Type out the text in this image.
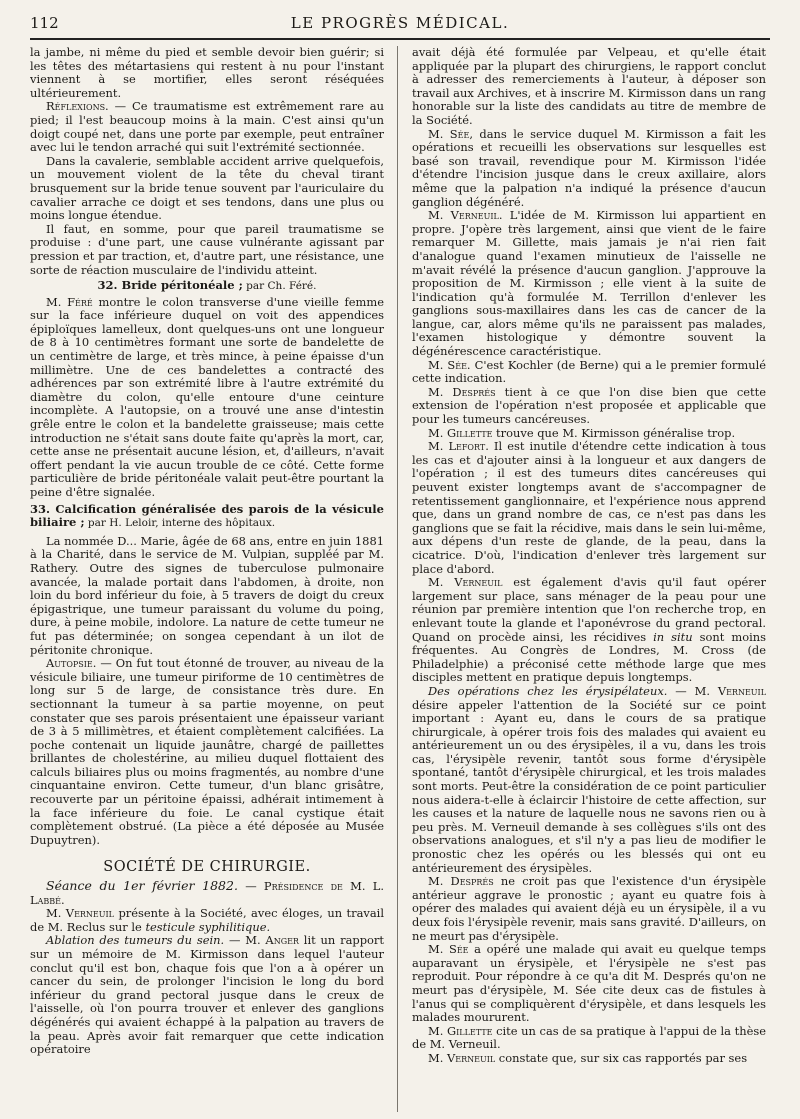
112	LE PROGRÈS MÉDICAL.

la jambe, ni même du pied et semble devoir bien guérir; si les têtes des métartasiens qui restent à nu pour l'instant viennent à se mortifier, elles seront réséquées ultérieurement.

Réflexions. — Ce traumatisme est extrêmement rare au pied; il l'est beaucoup moins à la main. C'est ainsi qu'un doigt coupé net, dans une porte par exemple, peut entraîner avec lui le tendon arraché qui suit l'extrémité sectionnée.

Dans la cavalerie, semblable accident arrive quelquefois, un mouvement violent de la tête du cheval tirant brusquement sur la bride tenue souvent par l'auriculaire du cavalier arrache ce doigt et ses tendons, dans une plus ou moins longue étendue.

Il faut, en somme, pour que pareil traumatisme se produise : d'une part, une cause vulnérante agissant par pression et par traction, et, d'autre part, une résistance, une sorte de réaction musculaire de l'individu atteint.

32. Bride péritonéale ; par Ch. Féré.

M. Féré montre le colon transverse d'une vieille femme sur la face inférieure duquel on voit des appendices épiploïques lamelleux, dont quelques-uns ont une longueur de 8 à 10 centimètres formant une sorte de bandelette de un centimètre de large, et très mince, à peine épaisse d'un millimètre. Une de ces bandelettes a contracté des adhérences par son extrémité libre à l'autre extrémité du diamètre du colon, qu'elle entoure d'une ceinture incomplète. A l'autopsie, on a trouvé une anse d'intestin grêle entre le colon et la bandelette graisseuse; mais cette introduction ne s'était sans doute faite qu'après la mort, car, cette anse ne présentait aucune lésion, et, d'ailleurs, n'avait offert pendant la vie aucun trouble de ce côté. Cette forme particulière de bride péritonéale valait peut-être pourtant la peine d'être signalée.

33. Calcification généralisée des parois de la vésicule biliaire ; par H. Leloir, interne des hôpitaux.

La nommée D... Marie, âgée de 68 ans, entre en juin 1881 à la Charité, dans le service de M. Vulpian, suppléé par M. Rathery. Outre des signes de tuberculose pulmonaire avancée, la malade portait dans l'abdomen, à droite, non loin du bord inférieur du foie, à 5 travers de doigt du creux épigastrique, une tumeur paraissant du volume du poing, dure, à peine mobile, indolore. La nature de cette tumeur ne fut pas déterminée; on songea cependant à un ilot de péritonite chronique.

Autopsie. — On fut tout étonné de trouver, au niveau de la vésicule biliaire, une tumeur piriforme de 10 centimètres de long sur 5 de large, de consistance très dure. En sectionnant la tumeur à sa partie moyenne, on peut constater que ses parois présentaient une épaisseur variant de 3 à 5 millimètres, et étaient complètement calcifiées. La poche contenait un liquide jaunâtre, chargé de paillettes brillantes de cholestérine, au milieu duquel flottaient des calculs biliaires plus ou moins fragmentés, au nombre d'une cinquantaine environ. Cette tumeur, d'un blanc grisâtre, recouverte par un péritoine épaissi, adhérait intimement à la face inférieure du foie. Le canal cystique était complètement obstrué. (La pièce a été déposée au Musée Dupuytren).

SOCIÉTÉ DE CHIRURGIE.

Séance du 1er février 1882. — Présidence de M. L. Labbé.

M. Verneuil présente à la Société, avec éloges, un travail de M. Reclus sur le testicule syphilitique.

Ablation des tumeurs du sein. — M. Anger lit un rapport sur un mémoire de M. Kirmisson dans lequel l'auteur conclut qu'il est bon, chaque fois que l'on a à opérer un cancer du sein, de prolonger l'incision le long du bord inférieur du grand pectoral jusque dans le creux de l'aisselle, où l'on pourra trouver et enlever des ganglions dégénérés qui avaient échappé à la palpation au travers de la peau. Après avoir fait remarquer que cette indication opératoire

avait déjà été formulée par Velpeau, et qu'elle était appliquée par la plupart des chirurgiens, le rapport conclut à adresser des remerciements à l'auteur, à déposer son travail aux Archives, et à inscrire M. Kirmisson dans un rang honorable sur la liste des candidats au titre de membre de la Société.

M. Sée, dans le service duquel M. Kirmisson a fait les opérations et recueilli les observations sur lesquelles est basé son travail, revendique pour M. Kirmisson l'idée d'étendre l'incision jusque dans le creux axillaire, alors même que la palpation n'a indiqué la présence d'aucun ganglion dégénéré.

M. Verneuil. L'idée de M. Kirmisson lui appartient en propre. J'opère très largement, ainsi que vient de le faire remarquer M. Gillette, mais jamais je n'ai rien fait d'analogue quand l'examen minutieux de l'aisselle ne m'avait révélé la présence d'aucun ganglion. J'approuve la proposition de M. Kirmisson ; elle vient à la suite de l'indication qu'à formulée M. Terrillon d'enlever les ganglions sous-maxillaires dans les cas de cancer de la langue, car, alors même qu'ils ne paraissent pas malades, l'examen histologique y démontre souvent la dégénérescence caractéristique.

M. Sée. C'est Kochler (de Berne) qui a le premier formulé cette indication.

M. Després tient à ce que l'on dise bien que cette extension de l'opération n'est proposée et applicable que pour les tumeurs cancéreuses.

M. Gillette trouve que M. Kirmisson généralise trop.

M. Lefort. Il est inutile d'étendre cette indication à tous les cas et d'ajouter ainsi à la longueur et aux dangers de l'opération ; il est des tumeurs dites cancéreuses qui peuvent exister longtemps avant de s'accompagner de retentissement ganglionnaire, et l'expérience nous apprend que, dans un grand nombre de cas, ce n'est pas dans les ganglions que se fait la récidive, mais dans le sein lui-même, aux dépens d'un reste de glande, de la peau, dans la cicatrice. D'où, l'indication d'enlever très largement sur place d'abord.

M. Verneuil est également d'avis qu'il faut opérer largement sur place, sans ménager de la peau pour une réunion par première intention que l'on recherche trop, en enlevant toute la glande et l'aponévrose du grand pectoral. Quand on procède ainsi, les récidives in situ sont moins fréquentes. Au Congrès de Londres, M. Cross (de Philadelphie) a préconisé cette méthode large que mes disciples mettent en pratique depuis longtemps.

Des opérations chez les érysipélateux. — M. Verneuil désire appeler l'attention de la Société sur ce point important : Ayant eu, dans le cours de sa pratique chirurgicale, à opérer trois fois des malades qui avaient eu antérieurement un ou des érysipèles, il a vu, dans les trois cas, l'érysipèle revenir, tantôt sous forme d'érysipèle spontané, tantôt d'érysipèle chirurgical, et les trois malades sont morts. Peut-être la considération de ce point particulier nous aidera-t-elle à éclaircir l'histoire de cette affection, sur les causes et la nature de laquelle nous ne savons rien ou à peu près. M. Verneuil demande à ses collègues s'ils ont des observations analogues, et s'il n'y a pas lieu de modifier le pronostic chez les opérés ou les blessés qui ont eu antérieurement des érysipèles.

M. Després ne croit pas que l'existence d'un érysipèle antérieur aggrave le pronostic ; ayant eu quatre fois à opérer des malades qui avaient déjà eu un érysipèle, il a vu deux fois l'érysipèle revenir, mais sans gravité. D'ailleurs, on ne meurt pas d'érysipèle.

M. Sée a opéré une malade qui avait eu quelque temps auparavant un érysipèle, et l'érysipèle ne s'est pas reproduit. Pour répondre à ce qu'a dit M. Després qu'on ne meurt pas d'érysipèle, M. Sée cite deux cas de fistules à l'anus qui se compliquèrent d'érysipèle, et dans lesquels les malades moururent.

M. Gillette cite un cas de sa pratique à l'appui de la thèse de M. Verneuil.

M. Verneuil constate que, sur six cas rapportés par ses
